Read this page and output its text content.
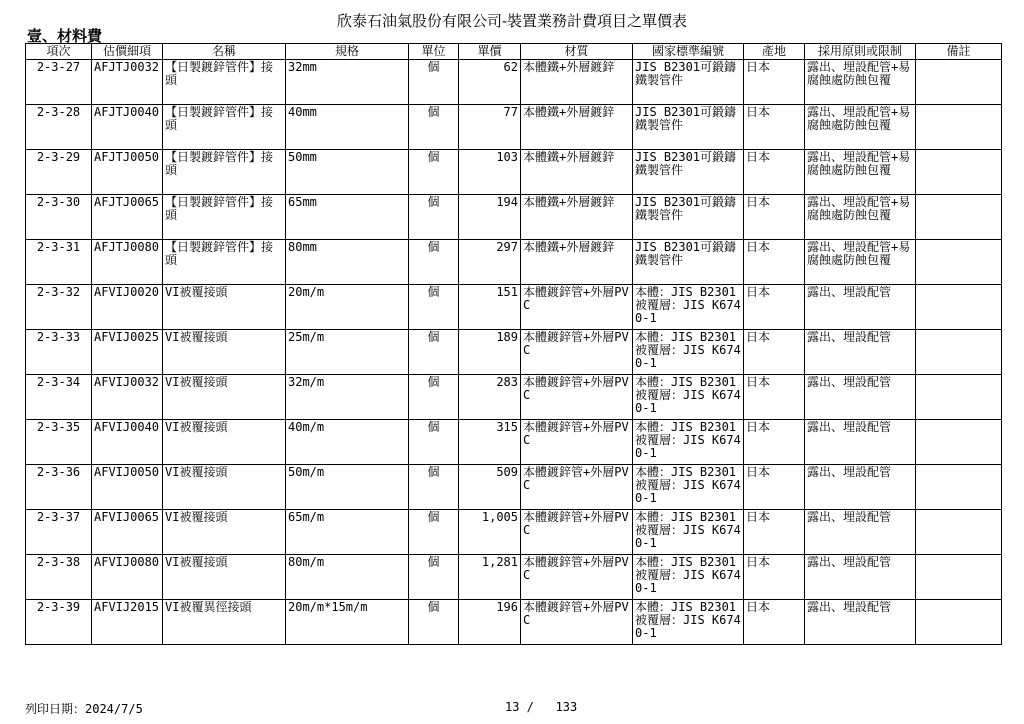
欣泰石油氣股份有限公司-裝置業務計費項目之單價表
壹、材料費
項次	估價細項	名稱	規格	單位	單價	材質	國家標準編號	產地	採用原則或限制	備註
2-3-27	AFJTJ0032	【日製鍍鋅管件】接頭	32mm	個	62	本體鐵+外層鍍鋅	JIS B2301可鍛鑄鐵製管件	日本	露出、埋設配管+易腐蝕處防蝕包覆	
2-3-28	AFJTJ0040	【日製鍍鋅管件】接頭	40mm	個	77	本體鐵+外層鍍鋅	JIS B2301可鍛鑄鐵製管件	日本	露出、埋設配管+易腐蝕處防蝕包覆	
2-3-29	AFJTJ0050	【日製鍍鋅管件】接頭	50mm	個	103	本體鐵+外層鍍鋅	JIS B2301可鍛鑄鐵製管件	日本	露出、埋設配管+易腐蝕處防蝕包覆	
2-3-30	AFJTJ0065	【日製鍍鋅管件】接頭	65mm	個	194	本體鐵+外層鍍鋅	JIS B2301可鍛鑄鐵製管件	日本	露出、埋設配管+易腐蝕處防蝕包覆	
2-3-31	AFJTJ0080	【日製鍍鋅管件】接頭	80mm	個	297	本體鐵+外層鍍鋅	JIS B2301可鍛鑄鐵製管件	日本	露出、埋設配管+易腐蝕處防蝕包覆	
2-3-32	AFVIJ0020	VI被覆接頭	20m/m	個	151	本體鍍鋅管+外層PVC	本體：JIS B2301 被覆層：JIS K6740-1	日本	露出、埋設配管	
2-3-33	AFVIJ0025	VI被覆接頭	25m/m	個	189	本體鍍鋅管+外層PVC	本體：JIS B2301 被覆層：JIS K6740-1	日本	露出、埋設配管	
2-3-34	AFVIJ0032	VI被覆接頭	32m/m	個	283	本體鍍鋅管+外層PVC	本體：JIS B2301 被覆層：JIS K6740-1	日本	露出、埋設配管	
2-3-35	AFVIJ0040	VI被覆接頭	40m/m	個	315	本體鍍鋅管+外層PVC	本體：JIS B2301 被覆層：JIS K6740-1	日本	露出、埋設配管	
2-3-36	AFVIJ0050	VI被覆接頭	50m/m	個	509	本體鍍鋅管+外層PVC	本體：JIS B2301 被覆層：JIS K6740-1	日本	露出、埋設配管	
2-3-37	AFVIJ0065	VI被覆接頭	65m/m	個	1,005	本體鍍鋅管+外層PVC	本體：JIS B2301 被覆層：JIS K6740-1	日本	露出、埋設配管	
2-3-38	AFVIJ0080	VI被覆接頭	80m/m	個	1,281	本體鍍鋅管+外層PVC	本體：JIS B2301 被覆層：JIS K6740-1	日本	露出、埋設配管	
2-3-39	AFVIJ2015	VI被覆異徑接頭	20m/m*15m/m	個	196	本體鍍鋅管+外層PVC	本體：JIS B2301 被覆層：JIS K6740-1	日本	露出、埋設配管	
列印日期：2024/7/5	13 /   133
